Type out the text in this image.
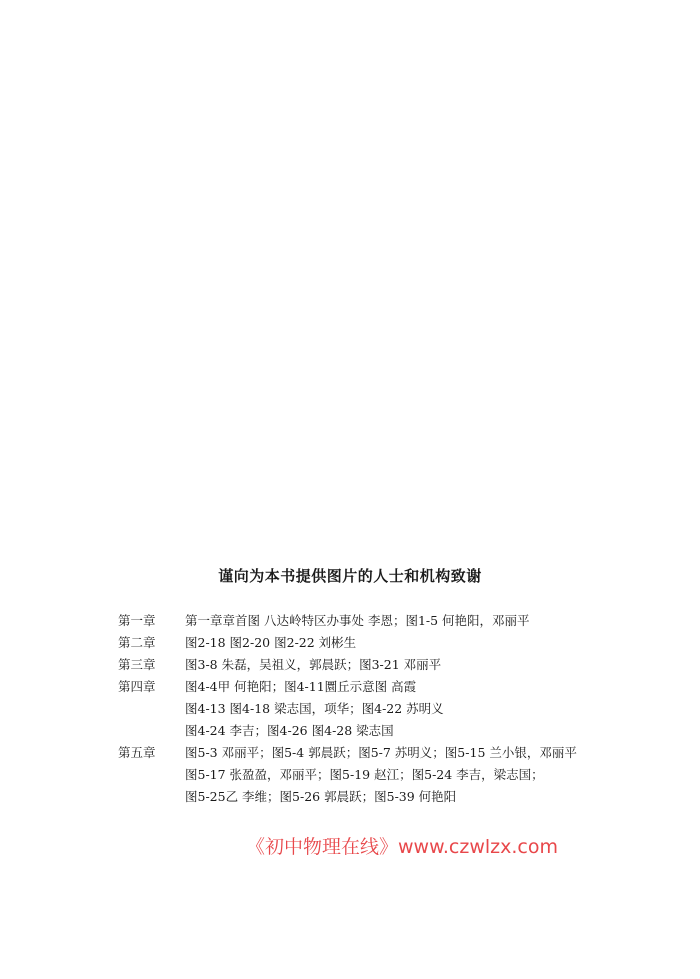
谨向为本书提供图片的人士和机构致谢
第一章	第一章章首图 八达岭特区办事处 李恩；图1-5 何艳阳，邓丽平
第二章	图2-18 图2-20 图2-22 刘彬生
第三章	图3-8 朱磊，吴祖义，郭晨跃；图3-21 邓丽平
第四章	图4-4甲 何艳阳；图4-11圜丘示意图 高霞
图4-13 图4-18 梁志国，项华；图4-22 苏明义
图4-24 李吉；图4-26 图4-28 梁志国
第五章	图5-3 邓丽平；图5-4 郭晨跃；图5-7 苏明义；图5-15 兰小银，邓丽平
图5-17 张盈盈，邓丽平；图5-19 赵江；图5-24 李吉，梁志国；
图5-25乙 李维；图5-26 郭晨跃；图5-39 何艳阳
《初中物理在线》www.czwlzx.com
